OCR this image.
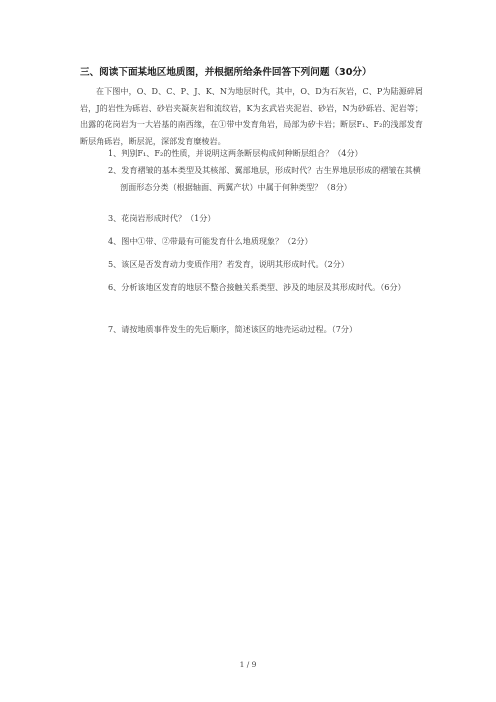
三、阅读下面某地区地质图，并根据所给条件回答下列问题（30分）
在下图中，O、D、C、P、J、K、N为地层时代，其中，O、D为石灰岩，C、P为陆源碎屑岩，J的岩性为砾岩、砂岩夹凝灰岩和流纹岩，K为玄武岩夹泥岩、砂岩，N为砂砾岩、泥岩等；出露的花岗岩为一大岩基的南西缘，在①带中发育角岩，局部为矽卡岩；断层F₁、F₂的浅部发育断层角砾岩，断层泥，深部发育糜棱岩。
1、判别F₁、F₂的性质，并说明这两条断层构成何种断层组合？（4分）
2、发育褶皱的基本类型及其核部、翼部地层，形成时代？古生界地层形成的褶皱在其横剖面形态分类（根据轴面、两翼产状）中属于何种类型？（8分）
3、花岗岩形成时代？（1分）
4、图中①带、②带最有可能发育什么地质现象？（2分）
5、该区是否发育动力变质作用？若发育，说明其形成时代。（2分）
6、分析该地区发育的地层不整合接触关系类型、涉及的地层及其形成时代。（6分）
7、请按地质事件发生的先后顺序，简述该区的地壳运动过程。（7分）
1 / 9
